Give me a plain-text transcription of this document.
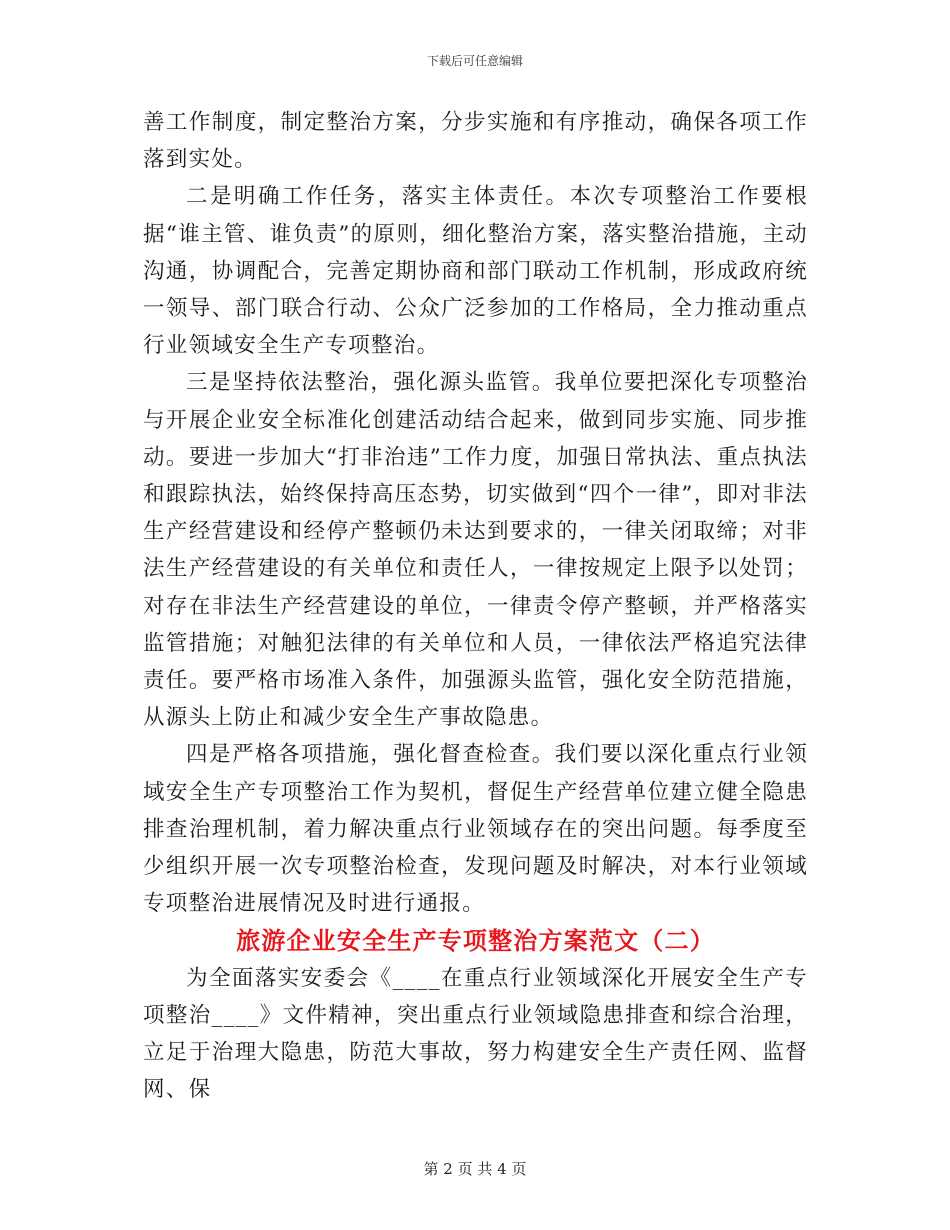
下载后可任意编辑

善工作制度，制定整治方案，分步实施和有序推动，确保各项工作落到实处。

二是明确工作任务，落实主体责任。本次专项整治工作要根据“谁主管、谁负责”的原则，细化整治方案，落实整治措施，主动沟通，协调配合，完善定期协商和部门联动工作机制，形成政府统一领导、部门联合行动、公众广泛参加的工作格局，全力推动重点行业领域安全生产专项整治。

三是坚持依法整治，强化源头监管。我单位要把深化专项整治与开展企业安全标准化创建活动结合起来，做到同步实施、同步推动。要进一步加大“打非治违”工作力度，加强日常执法、重点执法和跟踪执法，始终保持高压态势，切实做到“四个一律”，即对非法生产经营建设和经停产整顿仍未达到要求的，一律关闭取缔；对非法生产经营建设的有关单位和责任人，一律按规定上限予以处罚；对存在非法生产经营建设的单位，一律责令停产整顿，并严格落实监管措施；对触犯法律的有关单位和人员，一律依法严格追究法律责任。要严格市场准入条件，加强源头监管，强化安全防范措施，从源头上防止和减少安全生产事故隐患。

四是严格各项措施，强化督查检查。我们要以深化重点行业领域安全生产专项整治工作为契机，督促生产经营单位建立健全隐患排查治理机制，着力解决重点行业领域存在的突出问题。每季度至少组织开展一次专项整治检查，发现问题及时解决，对本行业领域专项整治进展情况及时进行通报。

旅游企业安全生产专项整治方案范文（二）

为全面落实安委会《____在重点行业领域深化开展安全生产专项整治____》文件精神，突出重点行业领域隐患排查和综合治理，立足于治理大隐患，防范大事故，努力构建安全生产责任网、监督网、保

第 2 页 共 4 页
